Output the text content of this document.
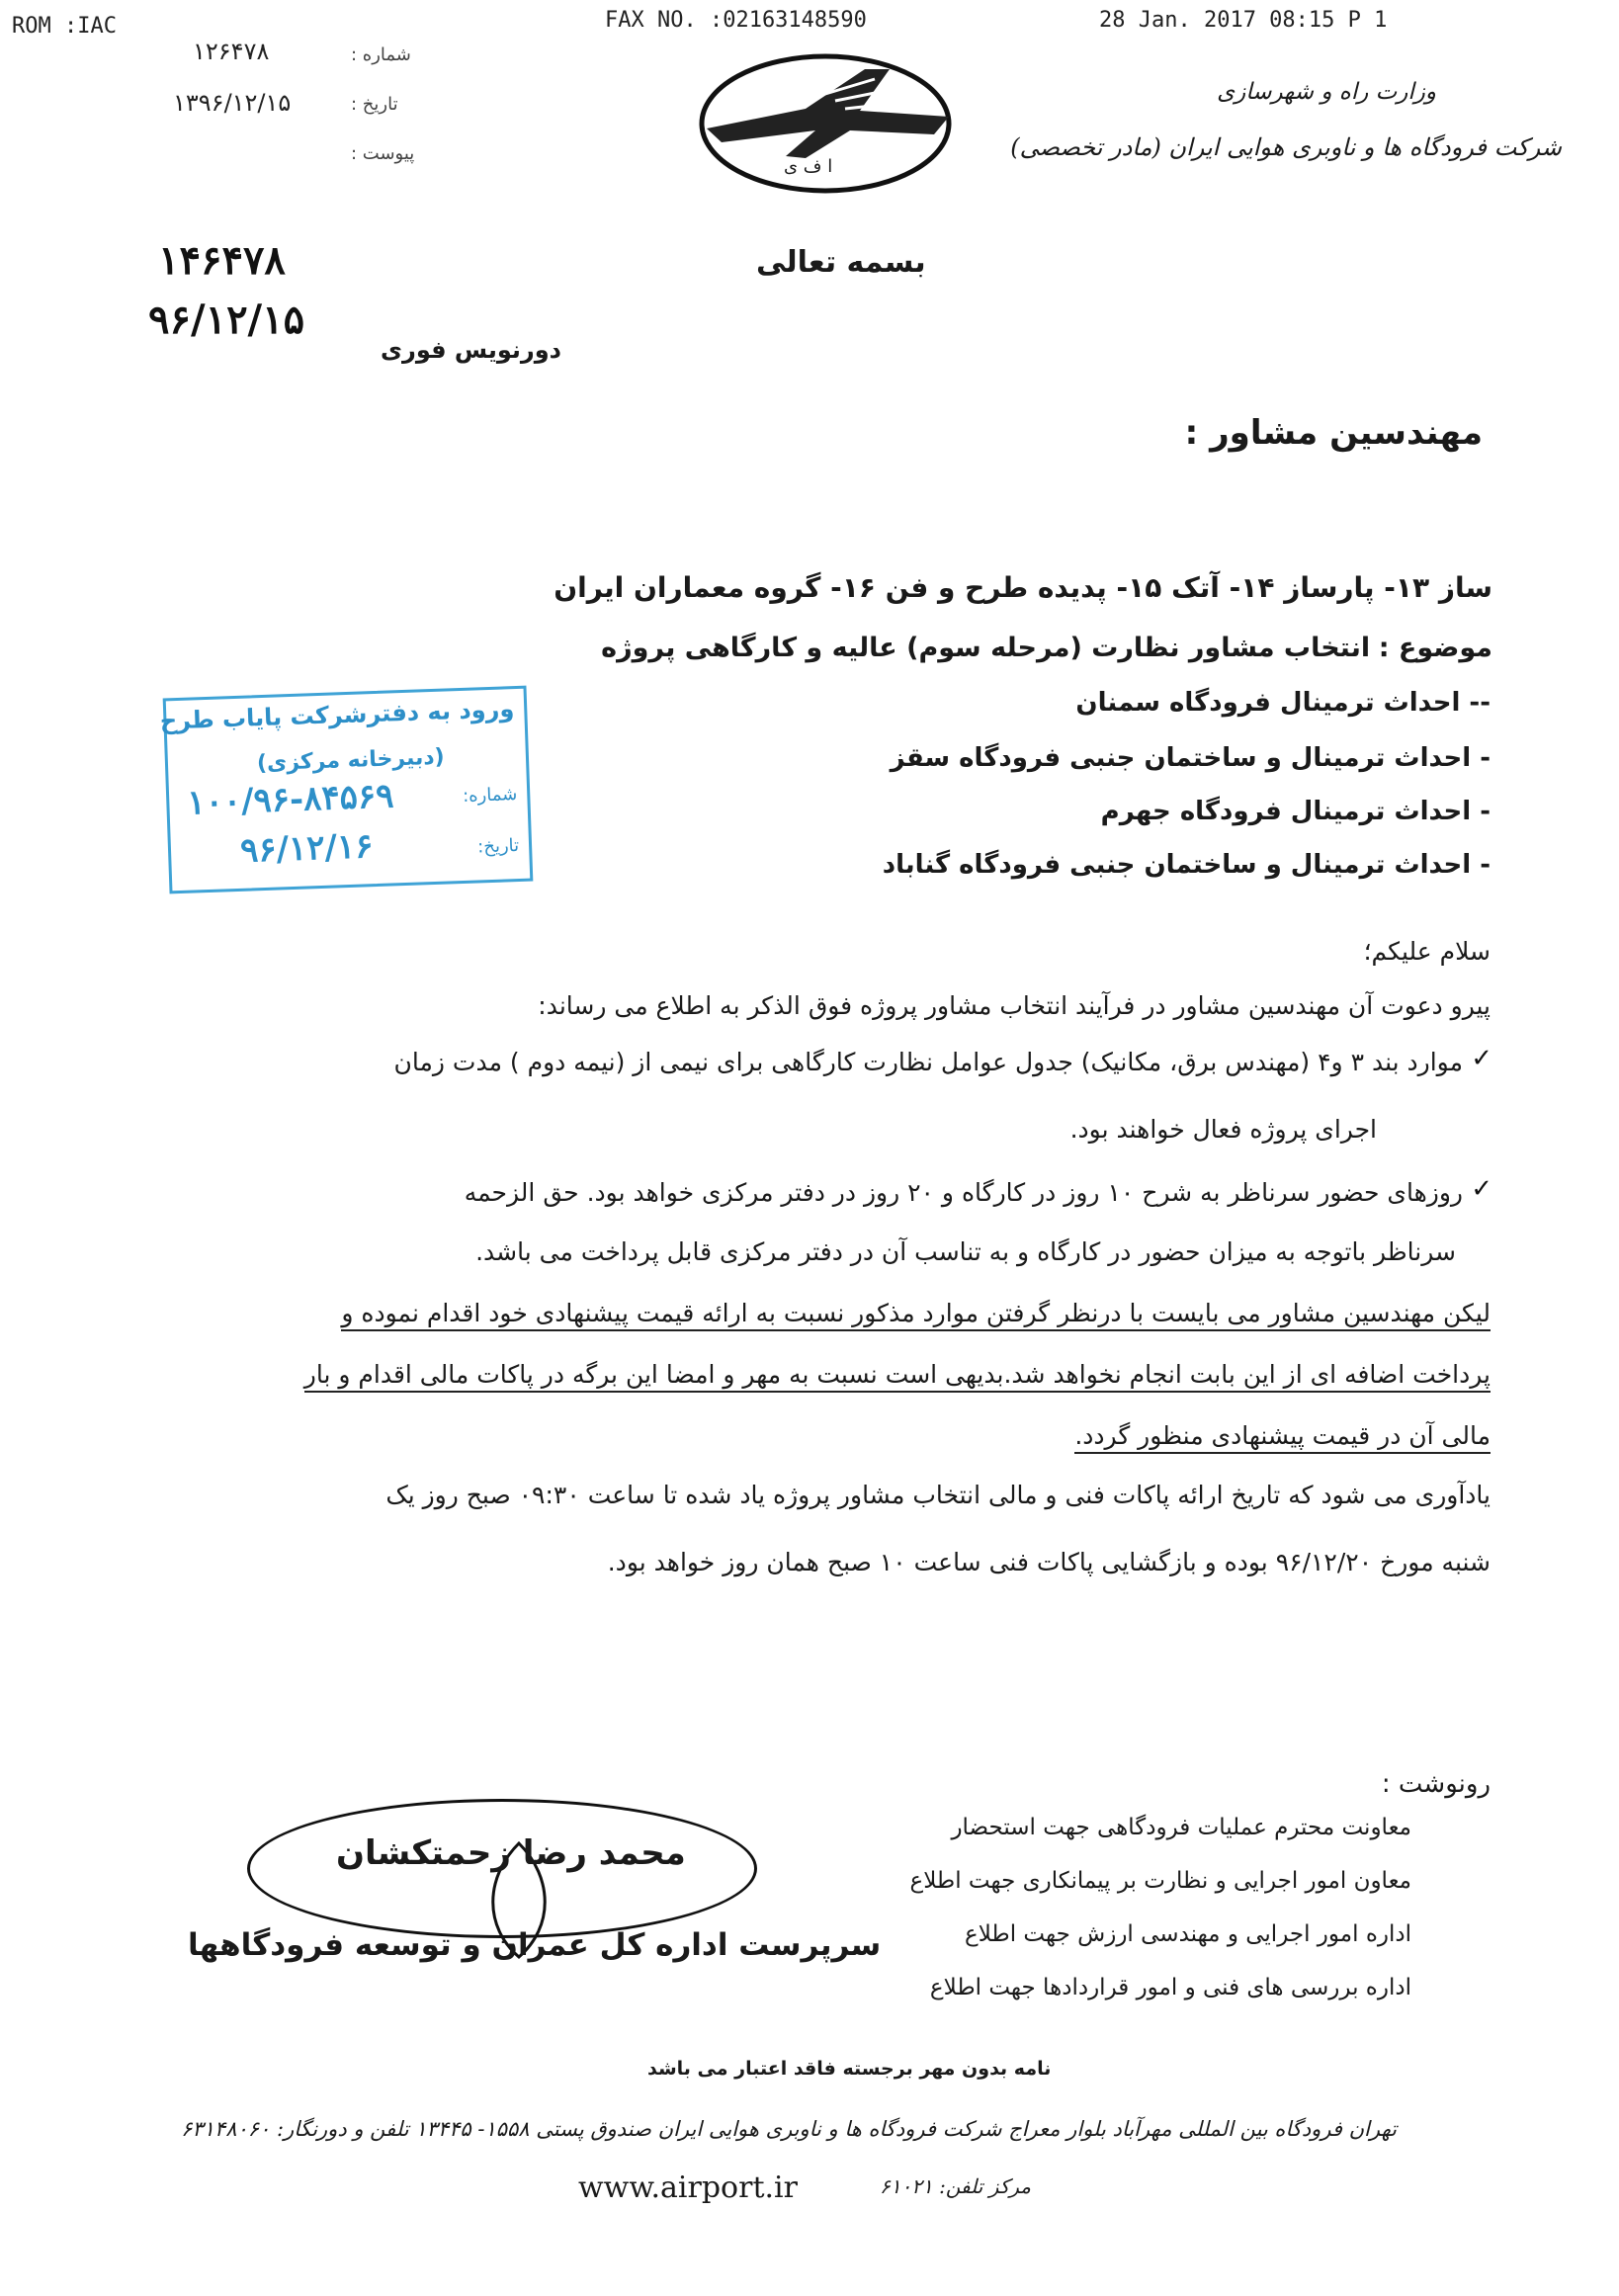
ROM :IAC	FAX NO. :02163148590	28 Jan. 2017 08:15 P 1
شماره :
۱۲۶۴۷۸
تاریخ :
۱۳۹۶/۱۲/۱۵
پیوست :
۱۴۶۴۷۸
۹۶/۱۲/۱۵
ا ف ی
وزارت راه و شهرسازی
شرکت فرودگاه ها و ناوبری هوایی ایران (مادر تخصصی)
بسمه تعالی
دورنویس فوری
مهندسین مشاور :
ساز ۱۳- پارساز ۱۴- آتک ۱۵- پدیده طرح و فن ۱۶- گروه معماران ایران
موضوع : انتخاب مشاور نظارت (مرحله سوم) عالیه و کارگاهی پروژه
-- احداث ترمینال فرودگاه سمنان
- احداث ترمینال و ساختمان جنبی فرودگاه سقز
- احداث ترمینال فرودگاه جهرم
- احداث ترمینال و ساختمان جنبی فرودگاه گناباد
ورود به دفترشرکت پاياب طرح
(دبیرخانه مرکزی)
شماره:
۱۰۰/۹۶-۸۴۵۶۹
تاریخ:
۹۶/۱۲/۱۶
سلام علیکم؛
پیرو دعوت آن مهندسین مشاور در فرآیند انتخاب مشاور پروژه فوق الذکر به اطلاع می رساند:
✓
موارد بند ۳ و۴ (مهندس برق، مکانیک) جدول عوامل نظارت کارگاهی برای نیمی از (نیمه دوم ) مدت زمان
اجرای پروژه فعال خواهند بود.
✓
روزهای حضور سرناظر به شرح ۱۰ روز در کارگاه و ۲۰ روز در دفتر مرکزی خواهد بود. حق الزحمه
سرناظر باتوجه به میزان حضور در کارگاه و به تناسب آن در دفتر مرکزی قابل پرداخت می باشد.
لیکن مهندسین مشاور می بایست با درنظر گرفتن موارد مذکور نسبت به ارائه قیمت پیشنهادی خود اقدام نموده و
پرداخت اضافه ای از این بابت انجام نخواهد شد.بدیهی است نسبت به مهر و امضا این برگه در پاکات مالی اقدام و بار
مالی آن در قیمت پیشنهادی منظور گردد.
یادآوری می شود که تاریخ ارائه پاکات فنی و مالی انتخاب مشاور پروژه یاد شده تا ساعت ۰۹:۳۰ صبح روز یک
شنبه مورخ ۹۶/۱۲/۲۰ بوده و بازگشایی پاکات فنی ساعت ۱۰ صبح همان روز خواهد بود.
محمد رضا زحمتکشان
سرپرست اداره کل عمران و توسعه فرودگاهها
رونوشت :
معاونت محترم عملیات فرودگاهی جهت استحضار
معاون امور اجرایی و نظارت بر پیمانکاری جهت اطلاع
اداره امور اجرایی و مهندسی ارزش جهت اطلاع
اداره بررسی های فنی و امور قراردادها جهت اطلاع
نامه بدون مهر برجسته فاقد اعتبار می باشد
تهران فرودگاه بین المللی مهرآباد بلوار معراج شرکت فرودگاه ها و ناوبری هوایی ایران صندوق پستی ۱۵۵۸- ۱۳۴۴۵ تلفن و دورنگار: ۶۳۱۴۸۰۶۰
www.airport.ir	مرکز تلفن: ۶۱۰۲۱
